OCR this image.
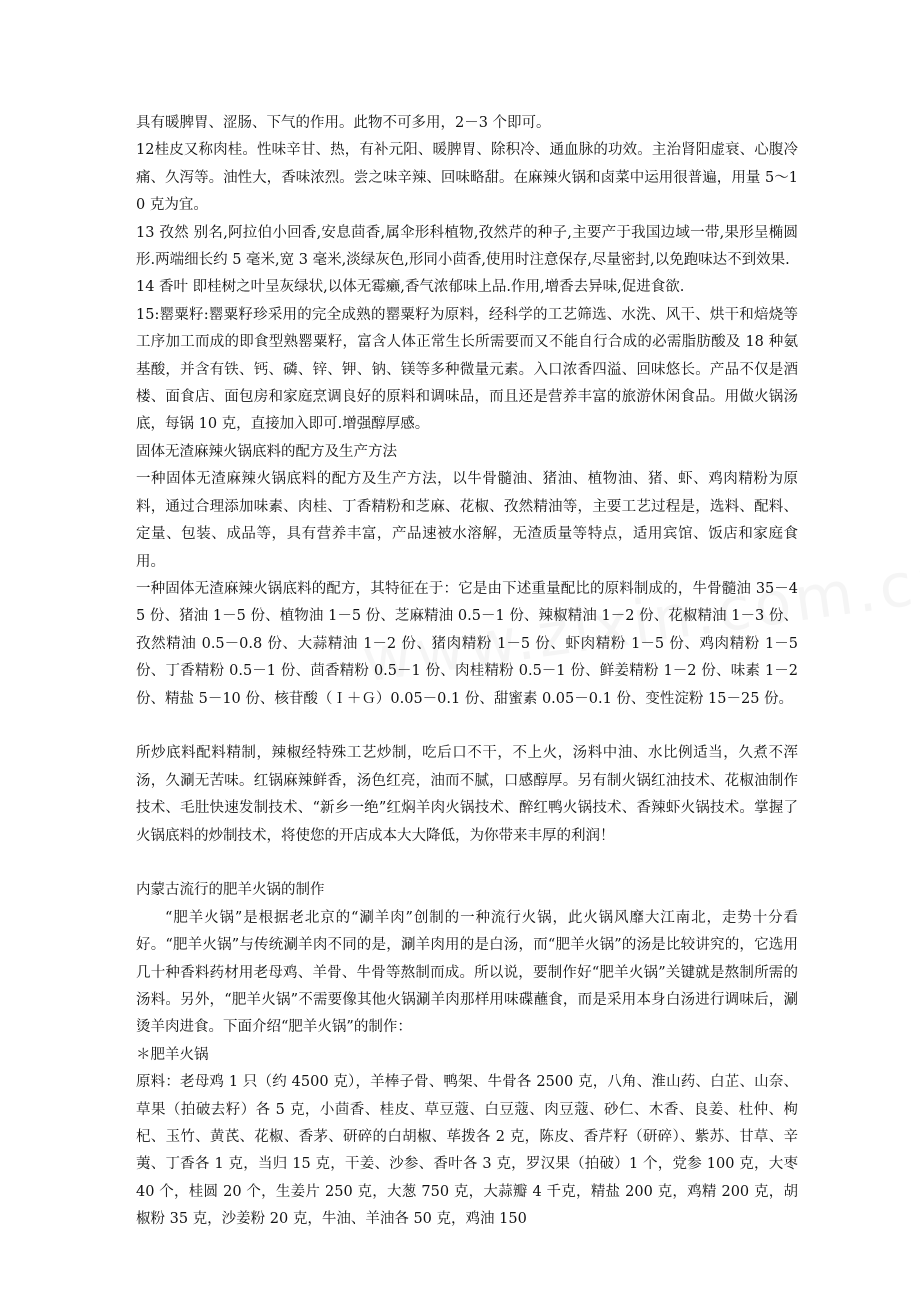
具有暖脾胃、涩肠、下气的作用。此物不可多用，2－3 个即可。

12桂皮又称肉桂。性味辛甘、热，有补元阳、暖脾胃、除积冷、通血脉的功效。主治肾阳虚衰、心腹冷痛、久泻等。油性大，香味浓烈。尝之味辛辣、回味略甜。在麻辣火锅和卤菜中运用很普遍，用量 5～10 克为宜。

13 孜然 别名,阿拉伯小回香,安息茴香,属伞形科植物,孜然芹的种子,主要产于我国边域一带,果形呈椭圆形.两端细长约 5 毫米,宽 3 毫米,淡绿灰色,形同小茴香,使用时注意保存,尽量密封,以免跑味达不到效果.

14 香叶 即桂树之叶呈灰绿状,以体无霉癞,香气浓郁味上品.作用,增香去异味,促进食欲.

15:罂粟籽:罂粟籽珍采用的完全成熟的罂粟籽为原料，经科学的工艺筛选、水洗、风干、烘干和焙烧等工序加工而成的即食型熟罂粟籽，富含人体正常生长所需要而又不能自行合成的必需脂肪酸及 18 种氨基酸，并含有铁、钙、磷、锌、钾、钠、镁等多种微量元素。入口浓香四溢、回味悠长。产品不仅是酒楼、面食店、面包房和家庭烹调良好的原料和调味品，而且还是营养丰富的旅游休闲食品。用做火锅汤底，每锅 10 克，直接加入即可.增强醇厚感。

固体无渣麻辣火锅底料的配方及生产方法

一种固体无渣麻辣火锅底料的配方及生产方法，以牛骨髓油、猪油、植物油、猪、虾、鸡肉精粉为原料，通过合理添加味素、肉桂、丁香精粉和芝麻、花椒、孜然精油等，主要工艺过程是，选料、配料、定量、包装、成品等，具有营养丰富，产品速被水溶解，无渣质量等特点，适用宾馆、饭店和家庭食用。

一种固体无渣麻辣火锅底料的配方，其特征在于：它是由下述重量配比的原料制成的，牛骨髓油 35－45 份、猪油 1－5 份、植物油 1－5 份、芝麻精油 0.5－1 份、辣椒精油 1－2 份、花椒精油 1－3 份、孜然精油 0.5－0.8 份、大蒜精油 1－2 份、猪肉精粉 1－5 份、虾肉精粉 1－5 份、鸡肉精粉 1－5 份、丁香精粉 0.5－1 份、茴香精粉 0.5－1 份、肉桂精粉 0.5－1 份、鲜姜精粉 1－2 份、味素 1－2 份、精盐 5－10 份、核苷酸（Ｉ＋Ｇ）0.05－0.1 份、甜蜜素 0.05－0.1 份、变性淀粉 15－25 份。

所炒底料配料精制，辣椒经特殊工艺炒制，吃后口不干，不上火，汤料中油、水比例适当，久煮不浑汤，久涮无苦味。红锅麻辣鲜香，汤色红亮，油而不腻，口感醇厚。另有制火锅红油技术、花椒油制作技术、毛肚快速发制技术、“新乡一绝”红焖羊肉火锅技术、醉红鸭火锅技术、香辣虾火锅技术。掌握了火锅底料的炒制技术，将使您的开店成本大大降低，为你带来丰厚的利润！

内蒙古流行的肥羊火锅的制作

“肥羊火锅”是根据老北京的“涮羊肉”创制的一种流行火锅，此火锅风靡大江南北，走势十分看好。“肥羊火锅”与传统涮羊肉不同的是，涮羊肉用的是白汤，而“肥羊火锅”的汤是比较讲究的，它选用几十种香料药材用老母鸡、羊骨、牛骨等熬制而成。所以说，要制作好“肥羊火锅”关键就是熬制所需的汤料。另外，“肥羊火锅”不需要像其他火锅涮羊肉那样用味碟蘸食，而是采用本身白汤进行调味后，涮烫羊肉进食。下面介绍“肥羊火锅”的制作：

＊肥羊火锅

原料：老母鸡 1 只（约 4500 克），羊棒子骨、鸭架、牛骨各 2500 克，八角、淮山药、白芷、山奈、草果（拍破去籽）各 5 克，小茴香、桂皮、草豆蔻、白豆蔻、肉豆蔻、砂仁、木香、良姜、杜仲、枸杞、玉竹、黄芪、花椒、香茅、研碎的白胡椒、荜拨各 2 克，陈皮、香芹籽（研碎）、紫苏、甘草、辛荑、丁香各 1 克，当归 15 克，干姜、沙参、香叶各 3 克，罗汉果（拍破）1 个，党参 100 克，大枣 40 个，桂圆 20 个，生姜片 250 克，大葱 750 克，大蒜瓣 4 千克，精盐 200 克，鸡精 200 克，胡椒粉 35 克，沙姜粉 20 克，牛油、羊油各 50 克，鸡油 150
